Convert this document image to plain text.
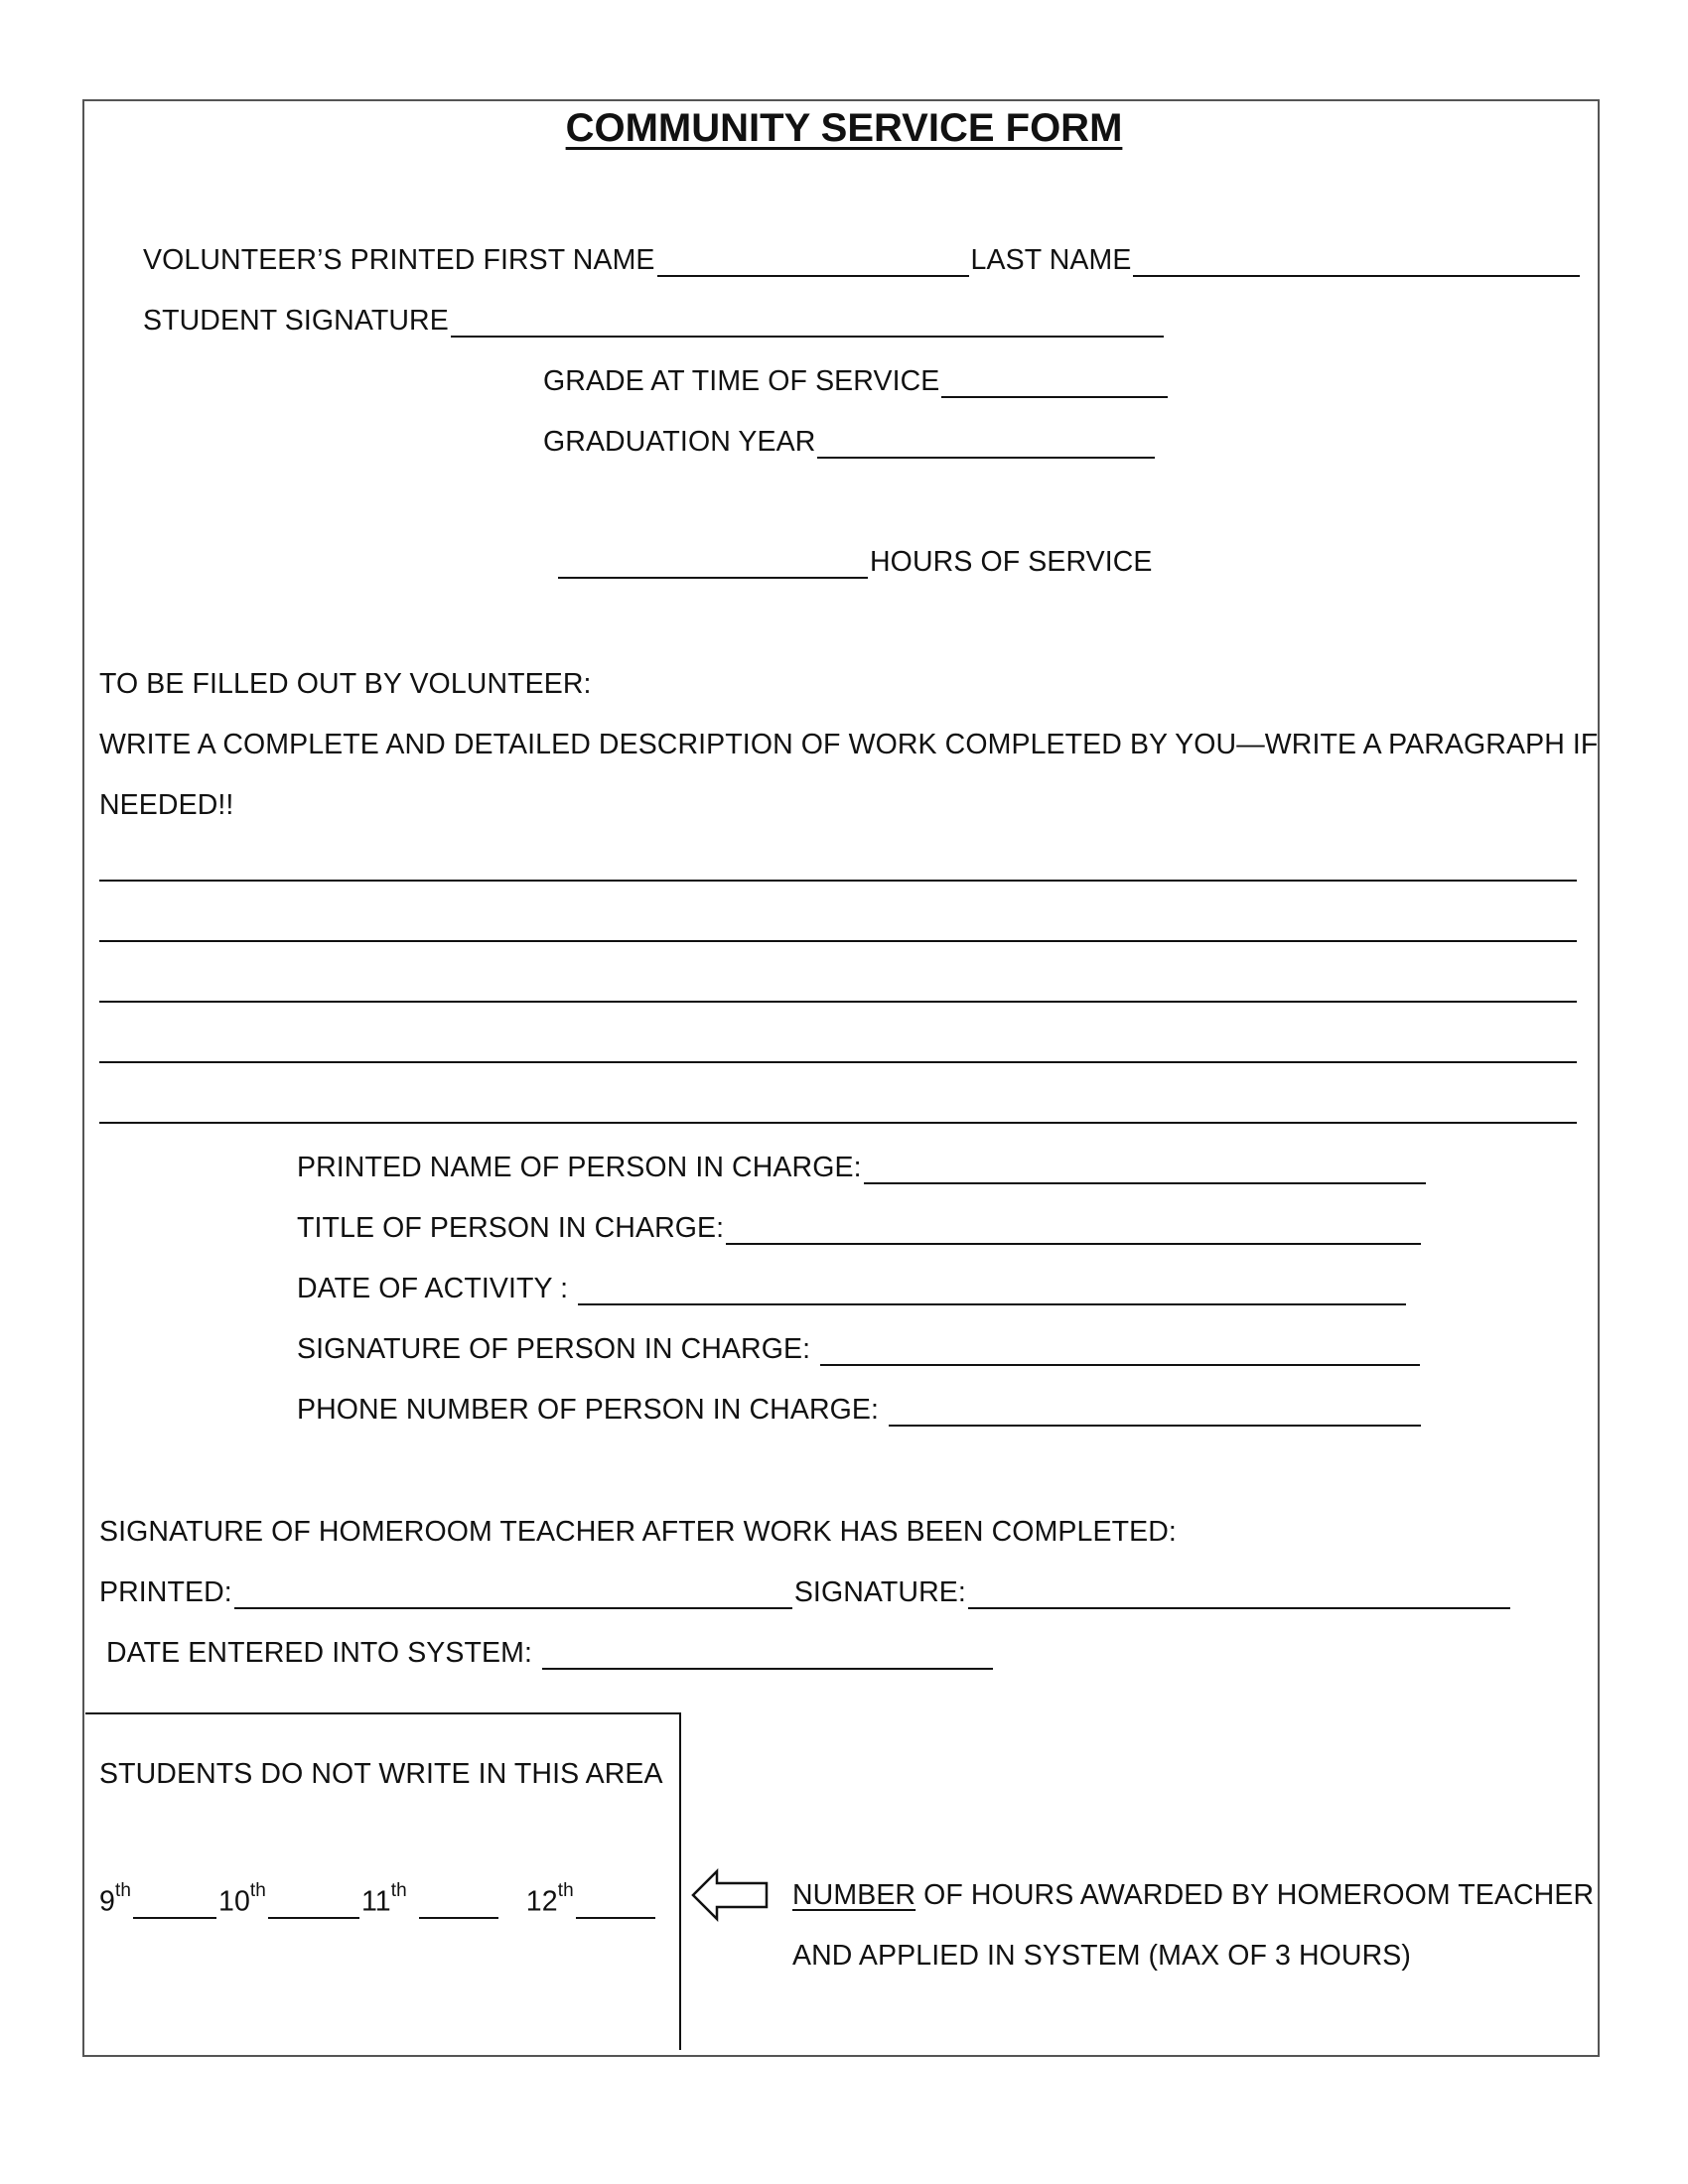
COMMUNITY SERVICE FORM
VOLUNTEER’S PRINTED FIRST NAME	LAST NAME
STUDENT SIGNATURE
GRADE AT TIME OF SERVICE
GRADUATION YEAR
HOURS OF SERVICE
TO BE FILLED OUT BY VOLUNTEER:
WRITE A COMPLETE AND DETAILED DESCRIPTION OF WORK COMPLETED BY YOU—WRITE A PARAGRAPH IF
NEEDED!!
PRINTED NAME OF PERSON IN CHARGE:
TITLE OF PERSON IN CHARGE:
DATE OF ACTIVITY :
SIGNATURE OF PERSON IN CHARGE:
PHONE NUMBER OF PERSON IN CHARGE:
SIGNATURE OF HOMEROOM TEACHER AFTER WORK HAS BEEN COMPLETED:
PRINTED:	SIGNATURE:
DATE ENTERED INTO SYSTEM:
STUDENTS DO NOT WRITE IN THIS AREA
9th	10th	11th	12th	NUMBER OF HOURS AWARDED BY HOMEROOM TEACHER
AND APPLIED IN SYSTEM (MAX OF 3 HOURS)
